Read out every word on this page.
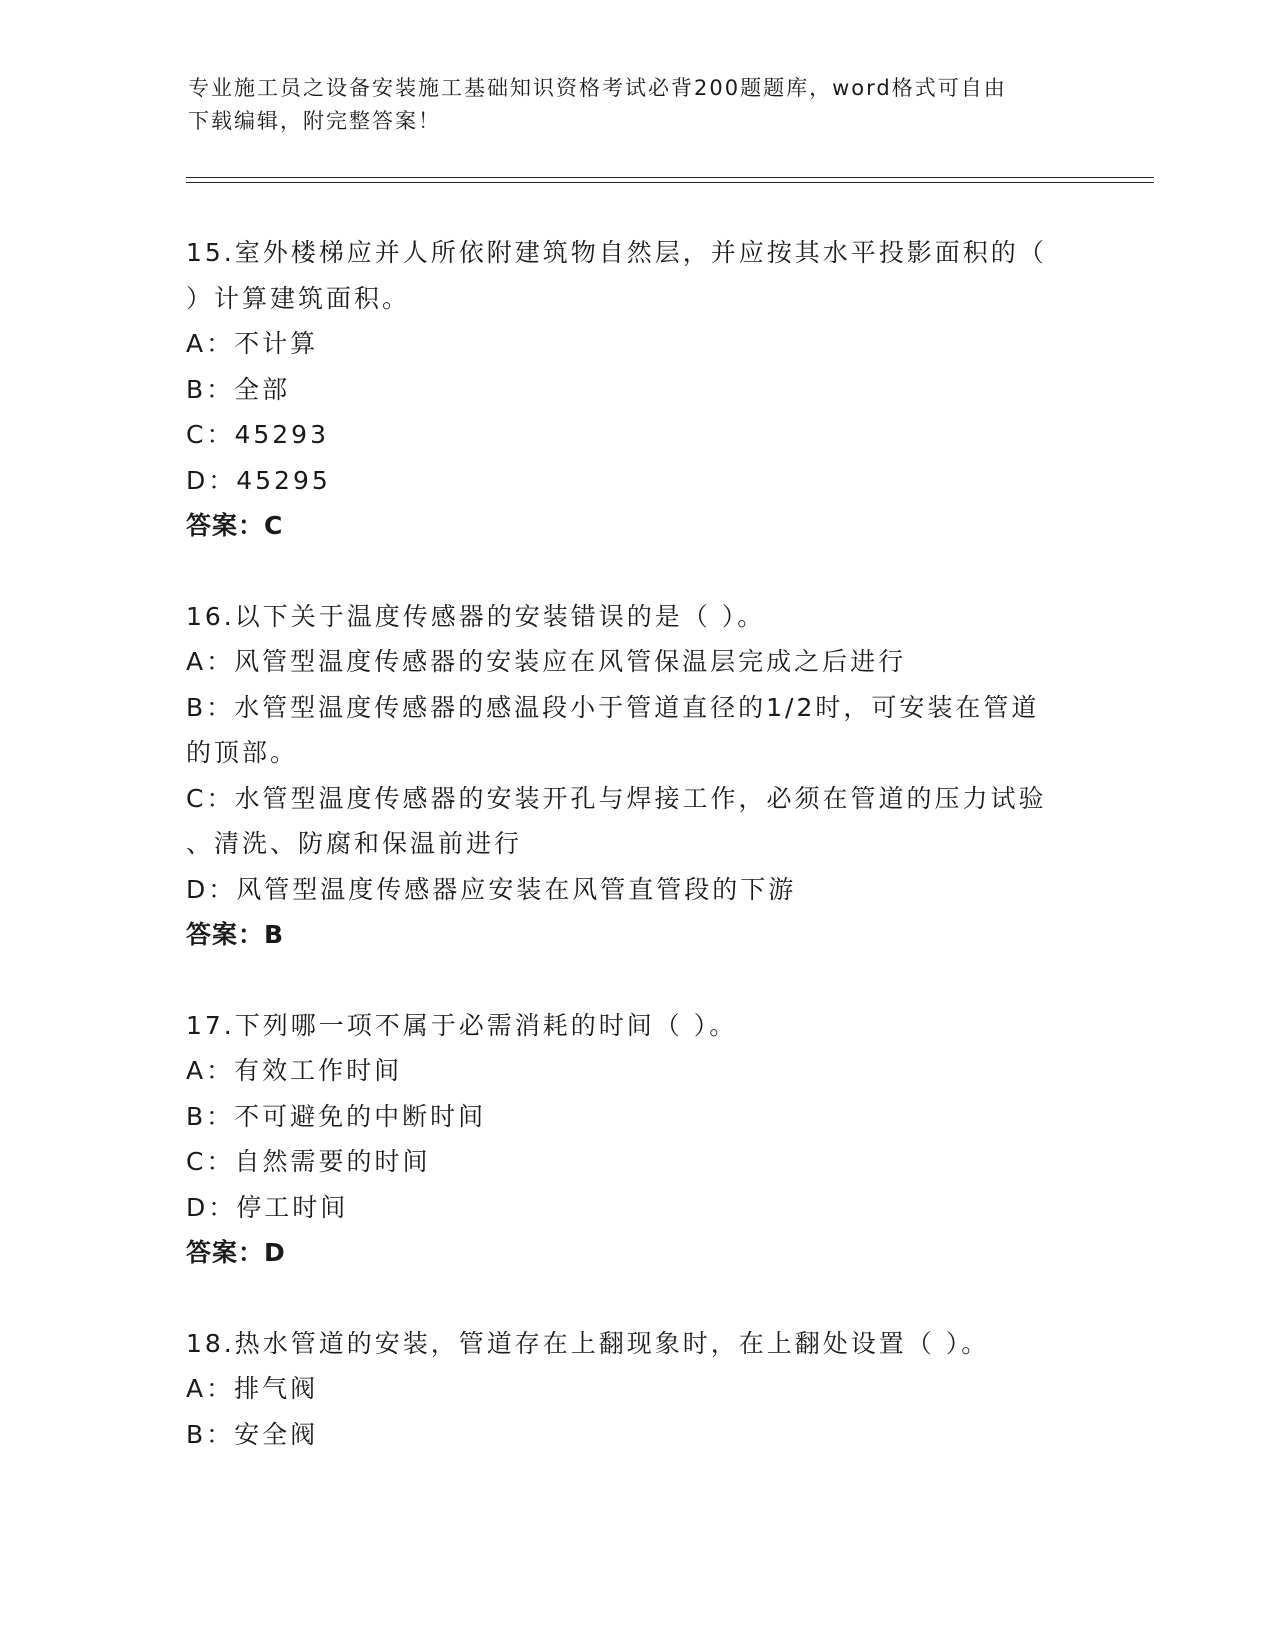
专业施工员之设备安装施工基础知识资格考试必背200题题库，word格式可自由
下载编辑，附完整答案！
15.室外楼梯应并人所依附建筑物自然层，并应按其水平投影面积的（
）计算建筑面积。
A：不计算
B：全部
C：45293
D：45295
答案：C
16.以下关于温度传感器的安装错误的是（ ）。
A：风管型温度传感器的安装应在风管保温层完成之后进行
B：水管型温度传感器的感温段小于管道直径的1/2时，可安装在管道
的顶部。
C：水管型温度传感器的安装开孔与焊接工作，必须在管道的压力试验
、清洗、防腐和保温前进行
D：风管型温度传感器应安装在风管直管段的下游
答案：B
17.下列哪一项不属于必需消耗的时间（ ）。
A：有效工作时间
B：不可避免的中断时间
C：自然需要的时间
D：停工时间
答案：D
18.热水管道的安装，管道存在上翻现象时，在上翻处设置（ ）。
A：排气阀
B：安全阀
